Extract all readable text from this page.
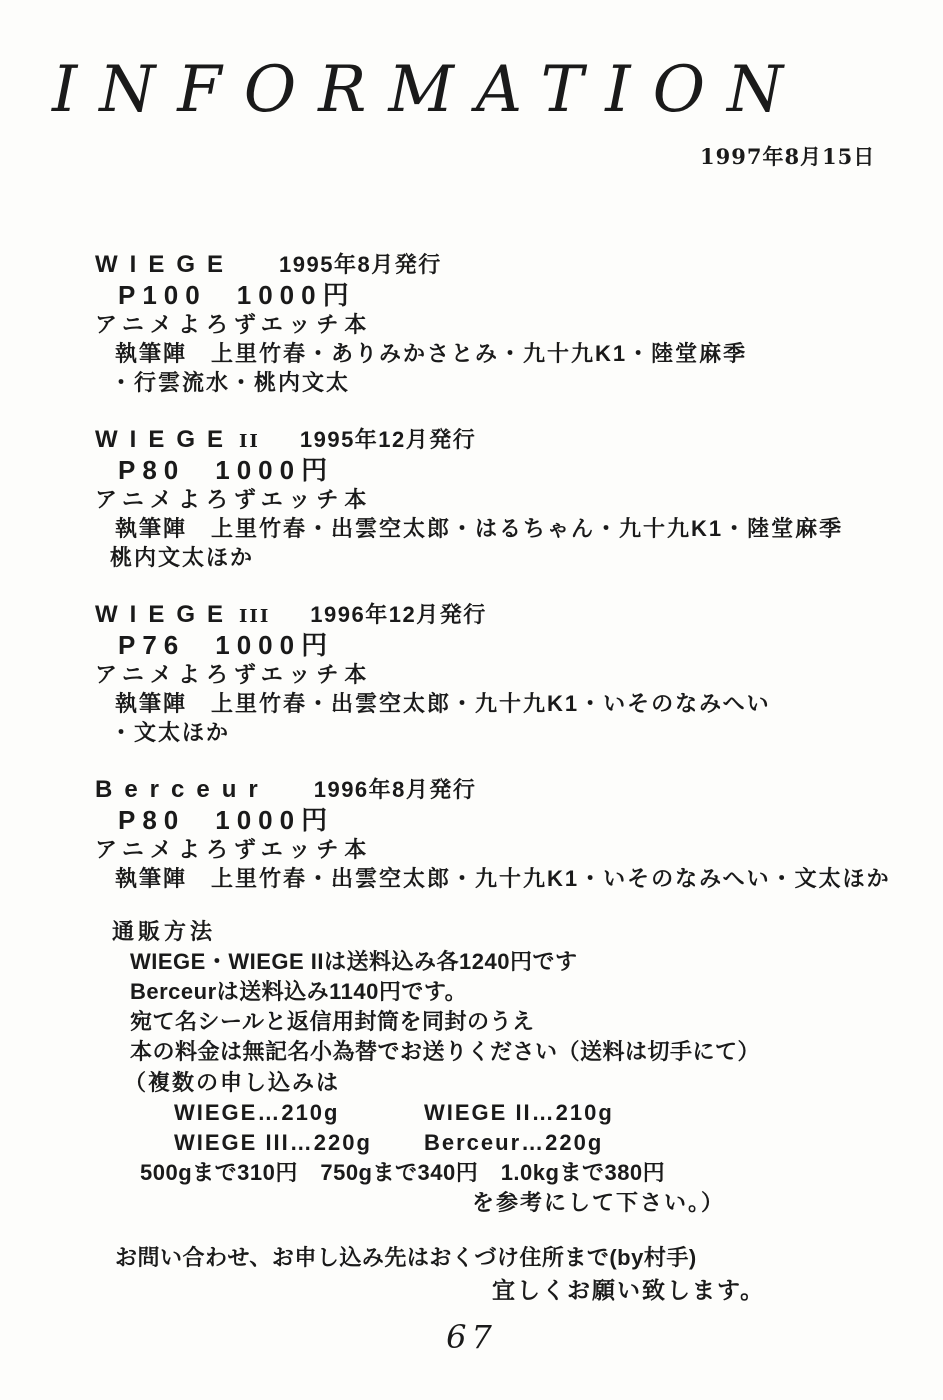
INFORMATION
1997年8月15日
WIEGE 1995年8月発行
P100 1000円
アニメよろずエッチ本
執筆陣　上里竹春・ありみかさとみ・九十九K1・陸堂麻季
・行雲流水・桃内文太
WIEGE II 1995年12月発行
P80 1000円
アニメよろずエッチ本
執筆陣　上里竹春・出雲空太郎・はるちゃん・九十九K1・陸堂麻季
桃内文太ほか
WIEGE III 1996年12月発行
P76 1000円
アニメよろずエッチ本
執筆陣　上里竹春・出雲空太郎・九十九K1・いそのなみへい
・文太ほか
Berceur 1996年8月発行
P80 1000円
アニメよろずエッチ本
執筆陣　上里竹春・出雲空太郎・九十九K1・いそのなみへい・文太ほか
通販方法
WIEGE・WIEGE IIは送料込み各1240円です
Berceurは送料込み1140円です。
宛て名シールと返信用封筒を同封のうえ
本の料金は無記名小為替でお送りください（送料は切手にて）
（複数の申し込みは
WIEGE…210g	WIEGE II…210g
WIEGE III…220g Berceur…220g
500gまで310円　750gまで340円　1.0kgまで380円
を参考にして下さい。）
お問い合わせ、お申し込み先はおくづけ住所まで(by村手)
宜しくお願い致します。
67
